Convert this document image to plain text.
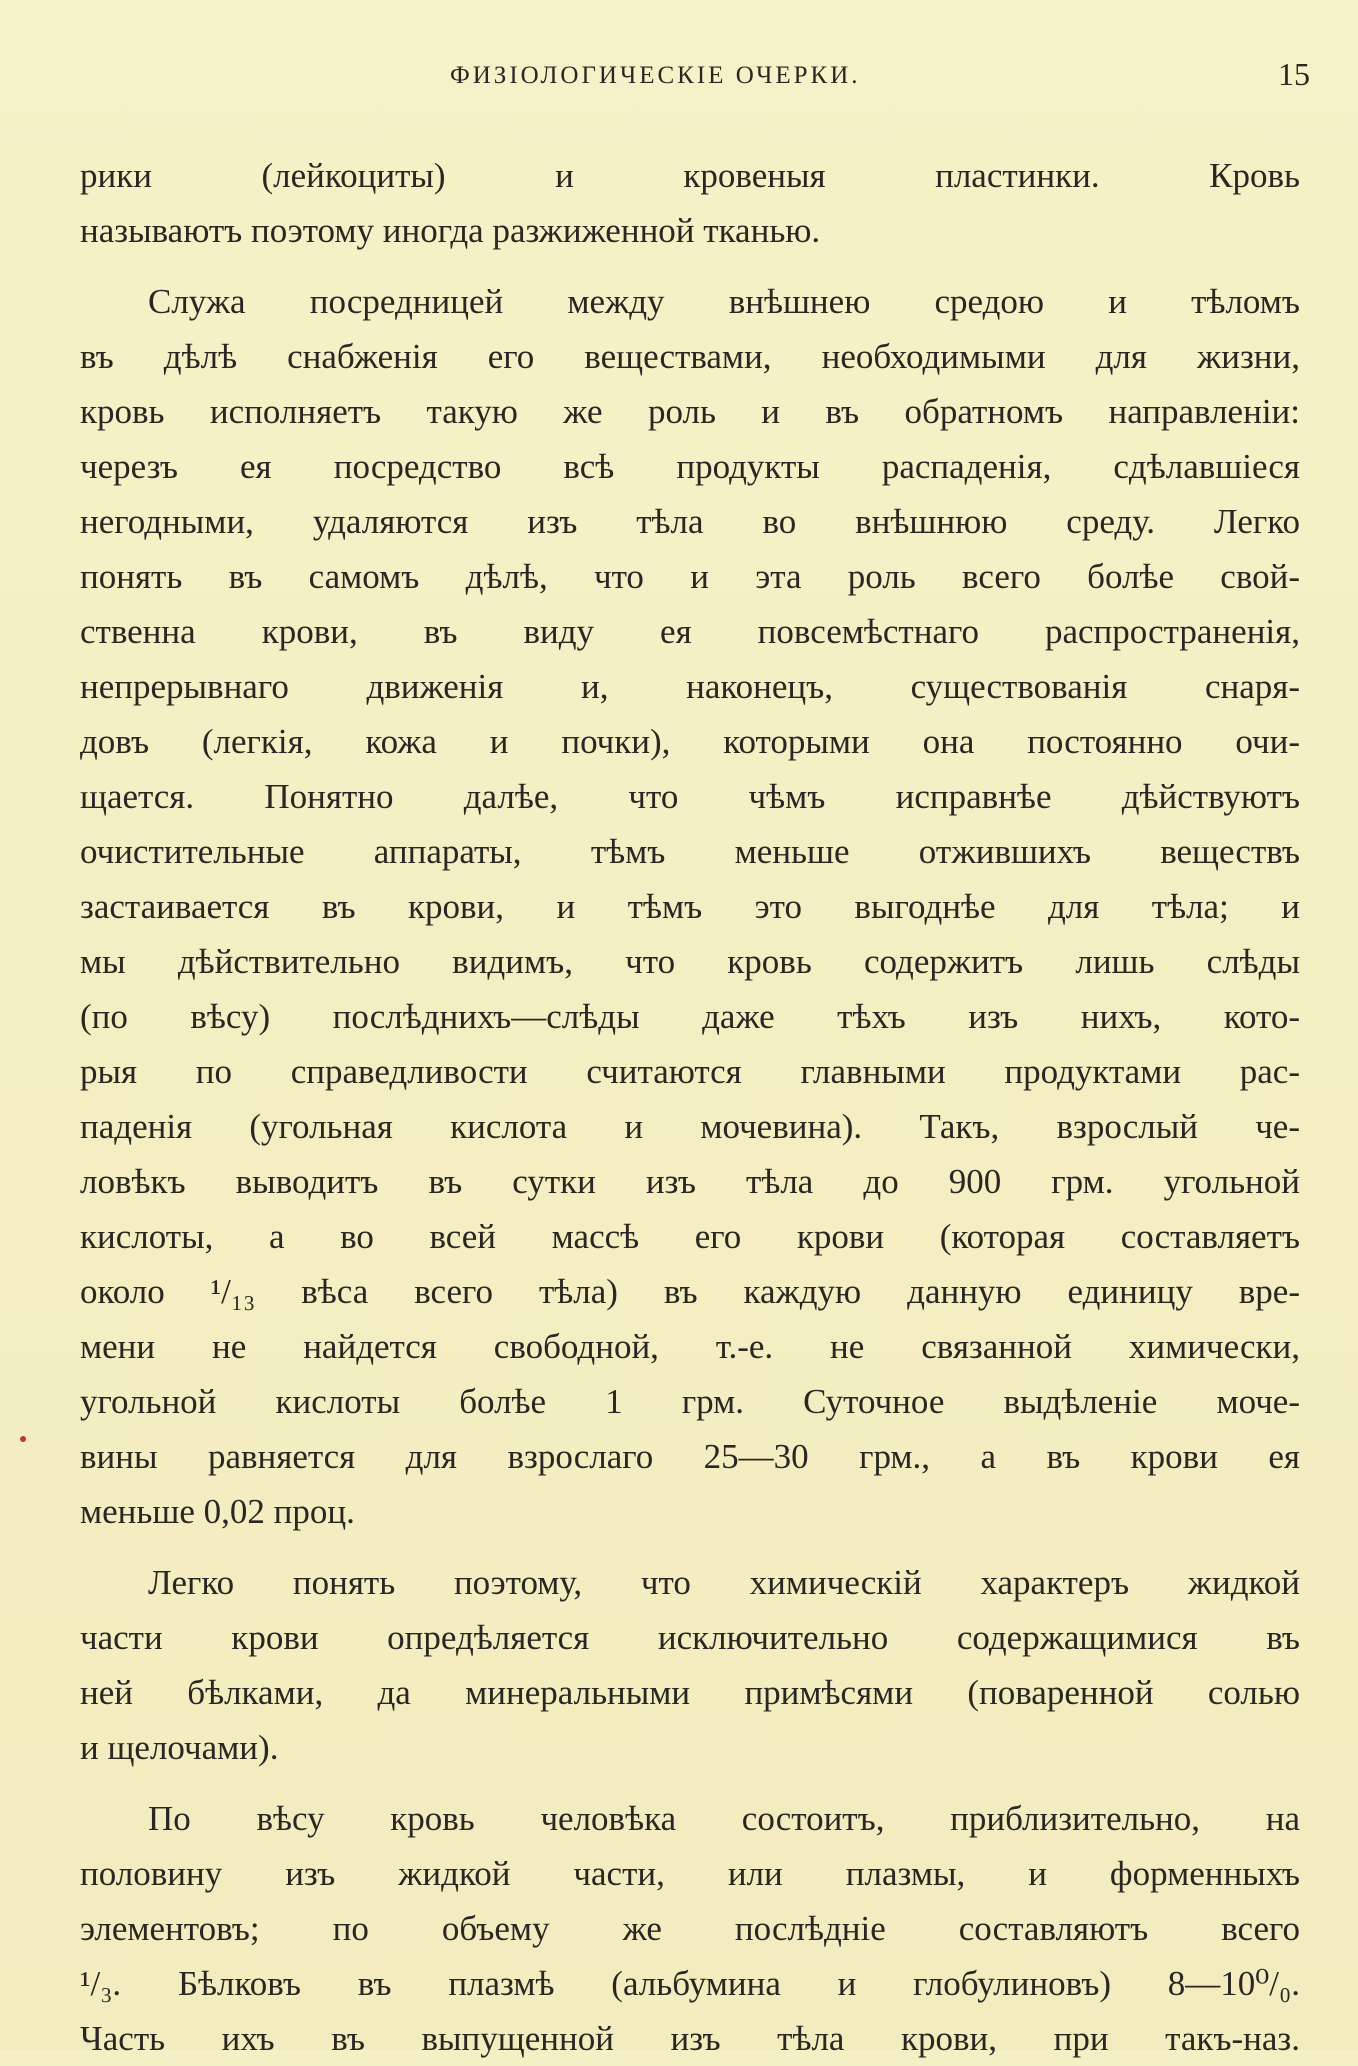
ФИЗIОЛОГИЧЕСКIЕ ОЧЕРКИ.	15
рики (лейкоциты) и кровеныя пластинки. Кровь
называютъ поэтому иногда разжиженной тканью.
Служа посредницей между внѣшнею средою и тѣломъ
въ дѣлѣ снабженiя его веществами, необходимыми для жизни,
кровь исполняетъ такую же роль и въ обратномъ направленiи:
черезъ ея посредство всѣ продукты распаденiя, сдѣлавшiеся
негодными, удаляются изъ тѣла во внѣшнюю среду. Легко
понять въ самомъ дѣлѣ, что и эта роль всего болѣе свой-
ственна крови, въ виду ея повсемѣстнаго распространенiя,
непрерывнаго движенiя и, наконецъ, существованiя снаря-
довъ (легкiя, кожа и почки), которыми она постоянно очи-
щается. Понятно далѣе, что чѣмъ исправнѣе дѣйствуютъ
очистительные аппараты, тѣмъ меньше отжившихъ веществъ
застаивается въ крови, и тѣмъ это выгоднѣе для тѣла; и
мы дѣйствительно видимъ, что кровь содержитъ лишь слѣды
(по вѣсу) послѣднихъ—слѣды даже тѣхъ изъ нихъ, кото-
рыя по справедливости считаются главными продуктами рас-
паденiя (угольная кислота и мочевина). Такъ, взрослый че-
ловѣкъ выводитъ въ сутки изъ тѣла до 900 грм. угольной
кислоты, а во всей массѣ его крови (которая составляетъ
около ¹/₁₃ вѣса всего тѣла) въ каждую данную единицу вре-
мени не найдется свободной, т.-е. не связанной химически,
угольной кислоты болѣе 1 грм. Суточное выдѣленiе моче-
вины равняется для взрослаго 25—30 грм., а въ крови ея
меньше 0,02 проц.
Легко понять поэтому, что химическiй характеръ жидкой
части крови опредѣляется исключительно содержащимися въ
ней бѣлками, да минеральными примѣсями (поваренной солью
и щелочами).
По вѣсу кровь человѣка состоитъ, приблизительно, на
половину изъ жидкой части, или плазмы, и форменныхъ
элементовъ; по объему же послѣднiе составляютъ всего
¹/₃. Бѣлковъ въ плазмѣ (альбумина и глобулиновъ) 8—10⁰/₀.
Часть ихъ въ выпущенной изъ тѣла крови, при такъ-наз.
